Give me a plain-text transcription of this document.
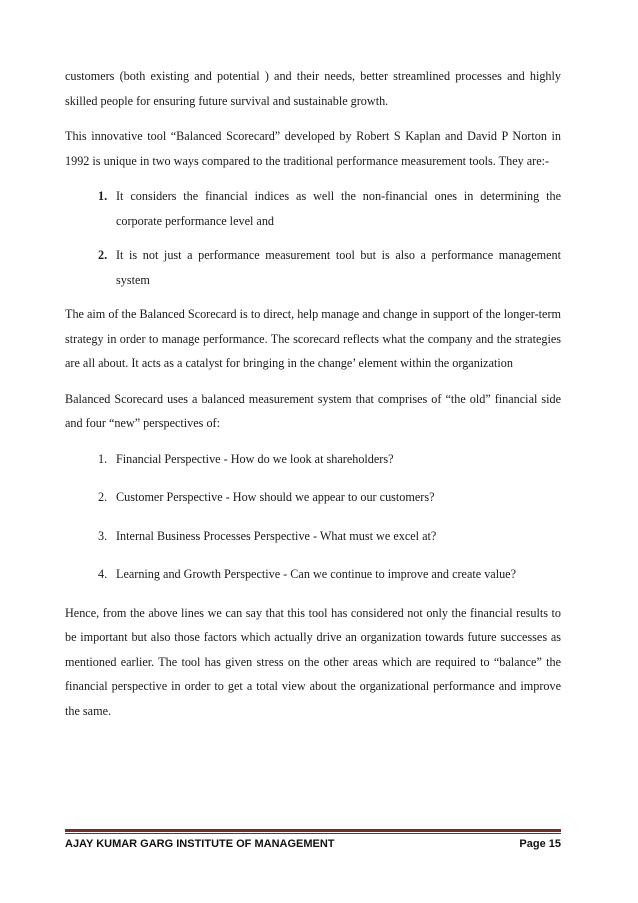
customers (both existing and potential ) and their needs, better streamlined processes and highly skilled people for ensuring future survival and sustainable growth.

This innovative tool “Balanced Scorecard” developed by Robert S Kaplan and David P Norton in 1992 is unique in two ways compared to the traditional performance measurement tools. They are:-

1. It considers the financial indices as well the non-financial ones in determining the corporate performance level and
2. It is not just a performance measurement tool but is also a performance management system

The aim of the Balanced Scorecard is to direct, help manage and change in support of the longer-term strategy in order to manage performance. The scorecard reflects what the company and the strategies are all about. It acts as a catalyst for bringing in the change’ element within the organization

Balanced Scorecard uses a balanced measurement system that comprises of “the old” financial side and four “new” perspectives of:

1. Financial Perspective - How do we look at shareholders?
2. Customer Perspective - How should we appear to our customers?
3. Internal Business Processes Perspective - What must we excel at?
4. Learning and Growth Perspective - Can we continue to improve and create value?

Hence, from the above lines we can say that this tool has considered not only the financial results to be important but also those factors which actually drive an organization towards future successes as mentioned earlier. The tool has given stress on the other areas which are required to “balance” the financial perspective in order to get a total view about the organizational performance and improve the same.

AJAY KUMAR GARG INSTITUTE OF MANAGEMENT	Page 15
